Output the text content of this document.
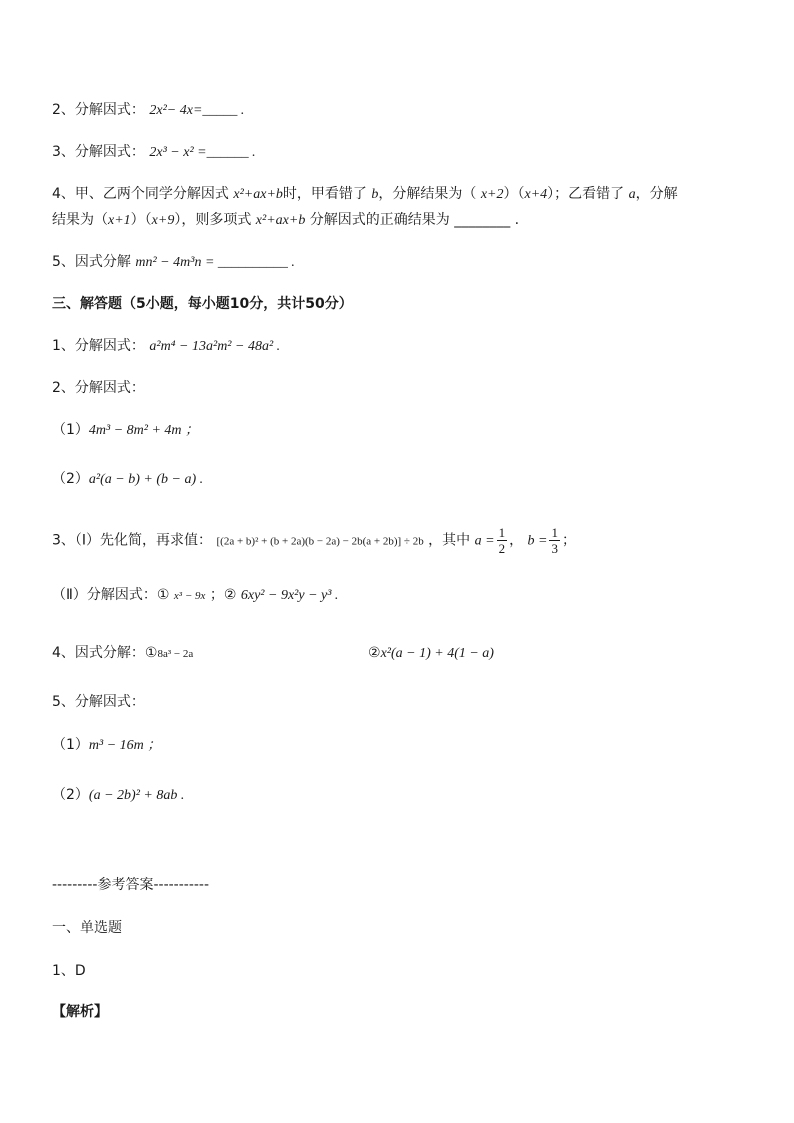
2、分解因式： 2x²− 4x=_____ .
3、分解因式： 2x³ − x² =______ .
4、甲、乙两个同学分解因式 x²+ax+b时，甲看错了 b，分解结果为（ x+2）（x+4）；乙看错了 a，分解
结果为（x+1）（x+9），则多项式 x²+ax+b 分解因式的正确结果为 ________ .
5、因式分解 mn² − 4m³n = __________ .
三、解答题（5小题，每小题10分，共计50分）
1、分解因式： a²m⁴ − 13a²m² − 48a² .
2、分解因式：
（1）4m³ − 8m² + 4m ；
（2）a²(a − b) + (b − a) .
3、（Ⅰ）先化简，再求值： [(2a + b)² + (b + 2a)(b − 2a) − 2b(a + 2b)] ÷ 2b ，其中 $a = \frac{1}{2}$ ， $b = \frac{1}{3}$ ；
（Ⅱ）分解因式：① x³ − 9x ；② 6xy² − 9x²y − y³ .
4、因式分解：①8a³ − 2a	②x²(a − 1) + 4(1 − a)
5、分解因式：
（1）m³ − 16m ；
（2）(a − 2b)² + 8ab .
---------参考答案-----------
一、单选题
1、D
【解析】
